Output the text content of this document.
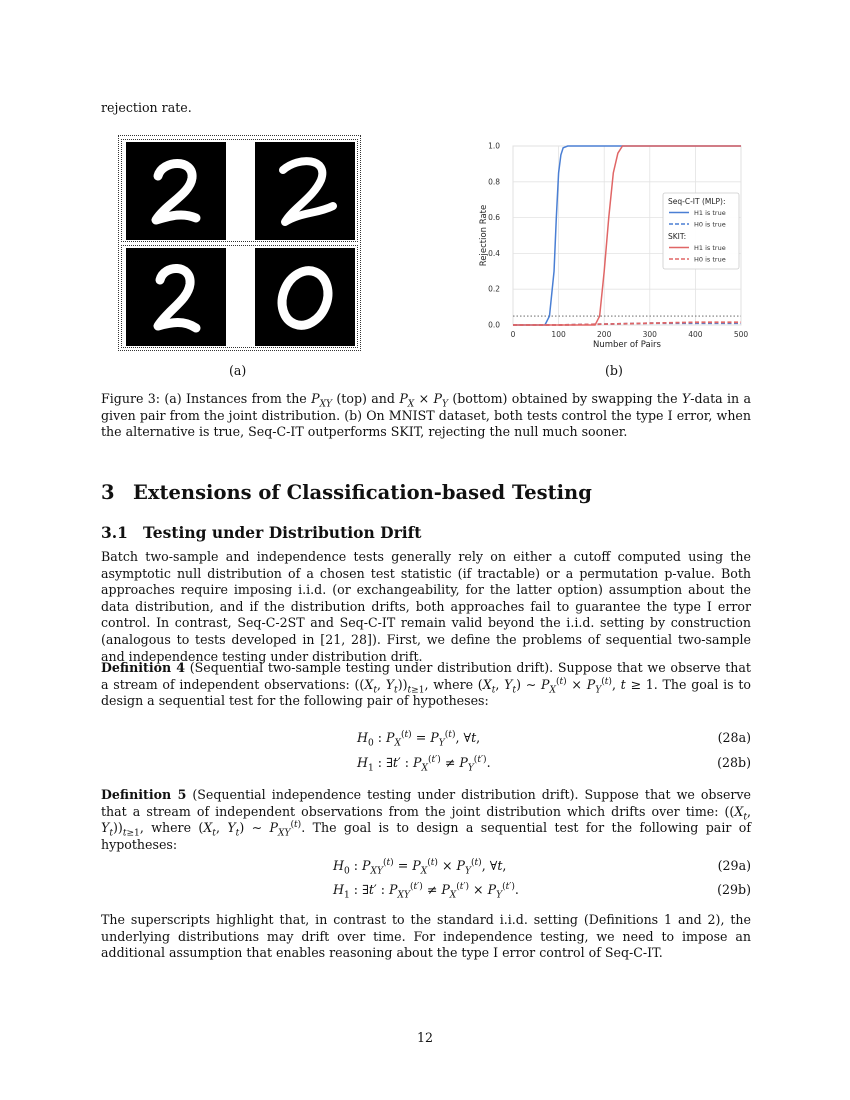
rejection rate.

(a)
0	100	200	300	400	500
0.0
0.2
0.4
0.6
0.8
1.0
Number of Pairs
Rejection Rate
Seq-C-IT (MLP):
H1 is true
H0 is true
SKIT:
H1 is true
H0 is true
(b)

Figure 3: (a) Instances from the $P_{XY}$ (top) and $P_X \times P_Y$ (bottom) obtained by swapping the Y-data in a given pair from the joint distribution. (b) On MNIST dataset, both tests control the type I error, when the alternative is true, Seq-C-IT outperforms SKIT, rejecting the null much sooner.

3 Extensions of Classification-based Testing
3.1 Testing under Distribution Drift

Batch two-sample and independence tests generally rely on either a cutoff computed using the asymptotic null distribution of a chosen test statistic (if tractable) or a permutation p-value. Both approaches require imposing i.i.d. (or exchangeability, for the latter option) assumption about the data distribution, and if the distribution drifts, both approaches fail to guarantee the type I error control. In contrast, Seq-C-2ST and Seq-C-IT remain valid beyond the i.i.d. setting by construction (analogous to tests developed in [21, 28]). First, we define the problems of sequential two-sample and independence testing under distribution drift.

Definition 4 (Sequential two-sample testing under distribution drift). Suppose that we observe that a stream of independent observations: (($X_t$, $Y_t))_{t\ge 1}$, where ($X_t$, $Y_t$) ∼ $P_X^{(t)} \times P_Y^{(t)}$, t ≥ 1. The goal is to design a sequential test for the following pair of hypotheses:

$H_0$ : $P_X^{(t)} = P_Y^{(t)}$, ∀t,	(28a)
$H_1$ : ∃t′ : $P_X^{(t')} \ne P_Y^{(t')}$.	(28b)

Definition 5 (Sequential independence testing under distribution drift). Suppose that we observe that a stream of independent observations from the joint distribution which drifts over time: (($X_t$, $Y_t))_{t\ge 1}$, where ($X_t$, $Y_t$) ∼ $P_{XY}^{(t)}$. The goal is to design a sequential test for the following pair of hypotheses:

$H_0$ : $P_{XY}^{(t)} = P_X^{(t)} \times P_Y^{(t)}$, ∀t,	(29a)
$H_1$ : ∃t′ : $P_{XY}^{(t')} \ne P_X^{(t')} \times P_Y^{(t')}$.	(29b)

The superscripts highlight that, in contrast to the standard i.i.d. setting (Definitions 1 and 2), the underlying distributions may drift over time. For independence testing, we need to impose an additional assumption that enables reasoning about the type I error control of Seq-C-IT.

12
